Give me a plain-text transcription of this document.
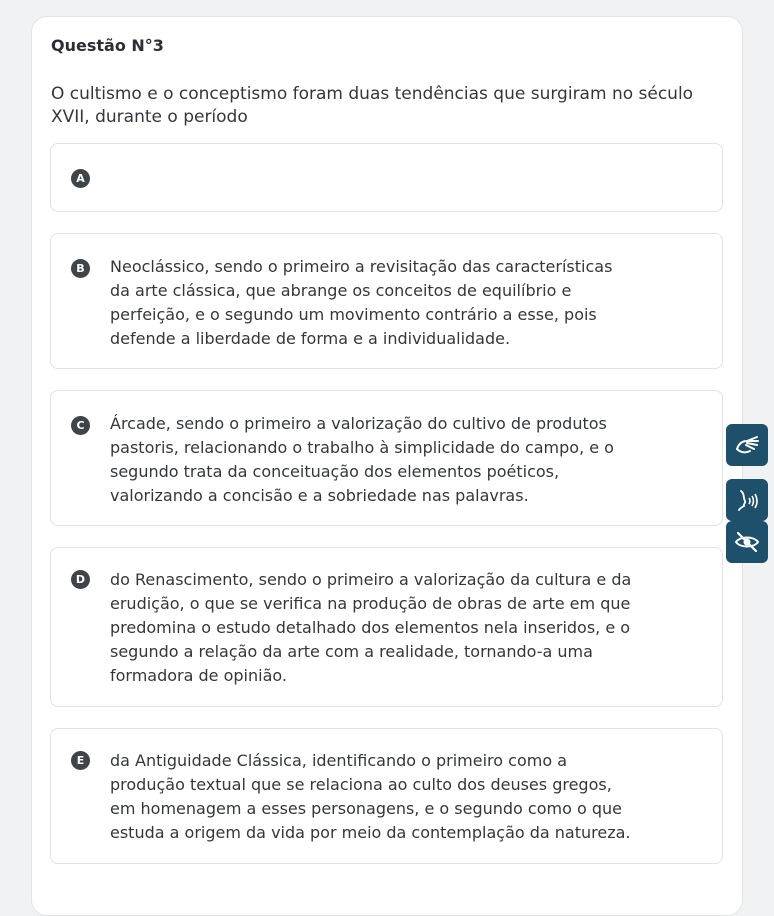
Questão N°3
O cultismo e o conceptismo foram duas tendências que surgiram no século XVII, durante o período
A
B	Neoclássico, sendo o primeiro a revisitação das características
da arte clássica, que abrange os conceitos de equilíbrio e
perfeição, e o segundo um movimento contrário a esse, pois
defende a liberdade de forma e a individualidade.
C	Árcade, sendo o primeiro a valorização do cultivo de produtos
pastoris, relacionando o trabalho à simplicidade do campo, e o
segundo trata da conceituação dos elementos poéticos,
valorizando a concisão e a sobriedade nas palavras.
D	do Renascimento, sendo o primeiro a valorização da cultura e da
erudição, o que se verifica na produção de obras de arte em que
predomina o estudo detalhado dos elementos nela inseridos, e o
segundo a relação da arte com a realidade, tornando-a uma
formadora de opinião.
E	da Antiguidade Clássica, identificando o primeiro como a
produção textual que se relaciona ao culto dos deuses gregos,
em homenagem a esses personagens, e o segundo como o que
estuda a origem da vida por meio da contemplação da natureza.
